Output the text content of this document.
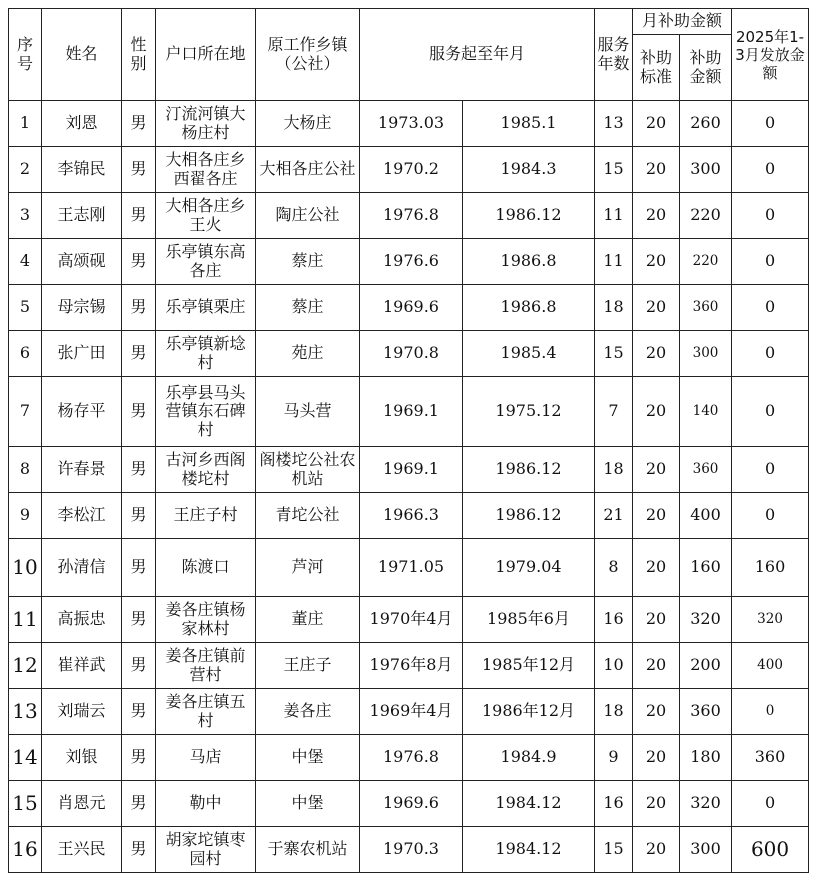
序号	姓名	性别	户口所在地	原工作乡镇（公社）	服务起至年月		服务年数	月补助金额		2025年1-3月发放金额
								补助标准	补助金额	
1	刘恩	男	汀流河镇大杨庄村	大杨庄	1973.03	1985.1	13	20	260	0
2	李锦民	男	大相各庄乡西翟各庄	大相各庄公社	1970.2	1984.3	15	20	300	0
3	王志刚	男	大相各庄乡王火	陶庄公社	1976.8	1986.12	11	20	220	0
4	高颂砚	男	乐亭镇东高各庄	蔡庄	1976.6	1986.8	11	20	220	0
5	母宗锡	男	乐亭镇栗庄	蔡庄	1969.6	1986.8	18	20	360	0
6	张广田	男	乐亭镇新埝村	苑庄	1970.8	1985.4	15	20	300	0
7	杨存平	男	乐亭县马头营镇东石碑村	马头营	1969.1	1975.12	7	20	140	0
8	许春景	男	古河乡西阁楼坨村	阁楼坨公社农机站	1969.1	1986.12	18	20	360	0
9	李松江	男	王庄子村	青坨公社	1966.3	1986.12	21	20	400	0
10	孙清信	男	陈渡口	芦河	1971.05	1979.04	8	20	160	160
11	高振忠	男	姜各庄镇杨家林村	董庄	1970年4月	1985年6月	16	20	320	320
12	崔祥武	男	姜各庄镇前营村	王庄子	1976年8月	1985年12月	10	20	200	400
13	刘瑞云	男	姜各庄镇五村	姜各庄	1969年4月	1986年12月	18	20	360	0
14	刘银	男	马店	中堡	1976.8	1984.9	9	20	180	360
15	肖恩元	男	勒中	中堡	1969.6	1984.12	16	20	320	0
16	王兴民	男	胡家坨镇枣园村	于寨农机站	1970.3	1984.12	15	20	300	600
